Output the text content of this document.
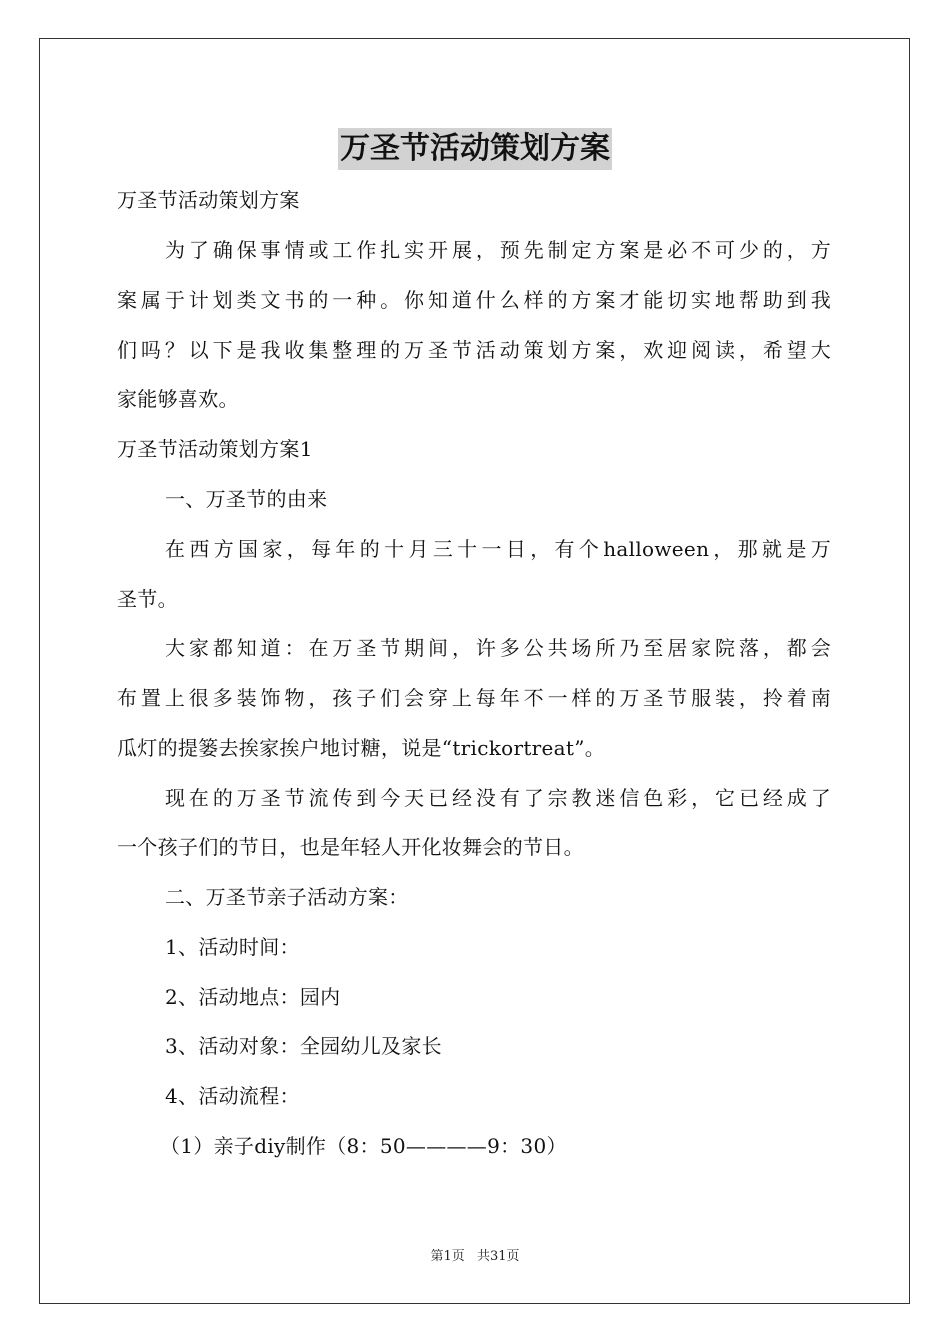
万圣节活动策划方案
万圣节活动策划方案
为了确保事情或工作扎实开展，预先制定方案是必不可少的，方
案属于计划类文书的一种。你知道什么样的方案才能切实地帮助到我
们吗？以下是我收集整理的万圣节活动策划方案，欢迎阅读，希望大
家能够喜欢。
万圣节活动策划方案1
一、万圣节的由来
在西方国家，每年的十月三十一日，有个halloween，那就是万
圣节。
大家都知道：在万圣节期间，许多公共场所乃至居家院落，都会
布置上很多装饰物，孩子们会穿上每年不一样的万圣节服装，拎着南
瓜灯的提篓去挨家挨户地讨糖，说是“trickortreat”。
现在的万圣节流传到今天已经没有了宗教迷信色彩，它已经成了
一个孩子们的节日，也是年轻人开化妆舞会的节日。
二、万圣节亲子活动方案：
1、活动时间：
2、活动地点：园内
3、活动对象：全园幼儿及家长
4、活动流程：
（1）亲子diy制作（8：50————9：30）
第1页 共31页
